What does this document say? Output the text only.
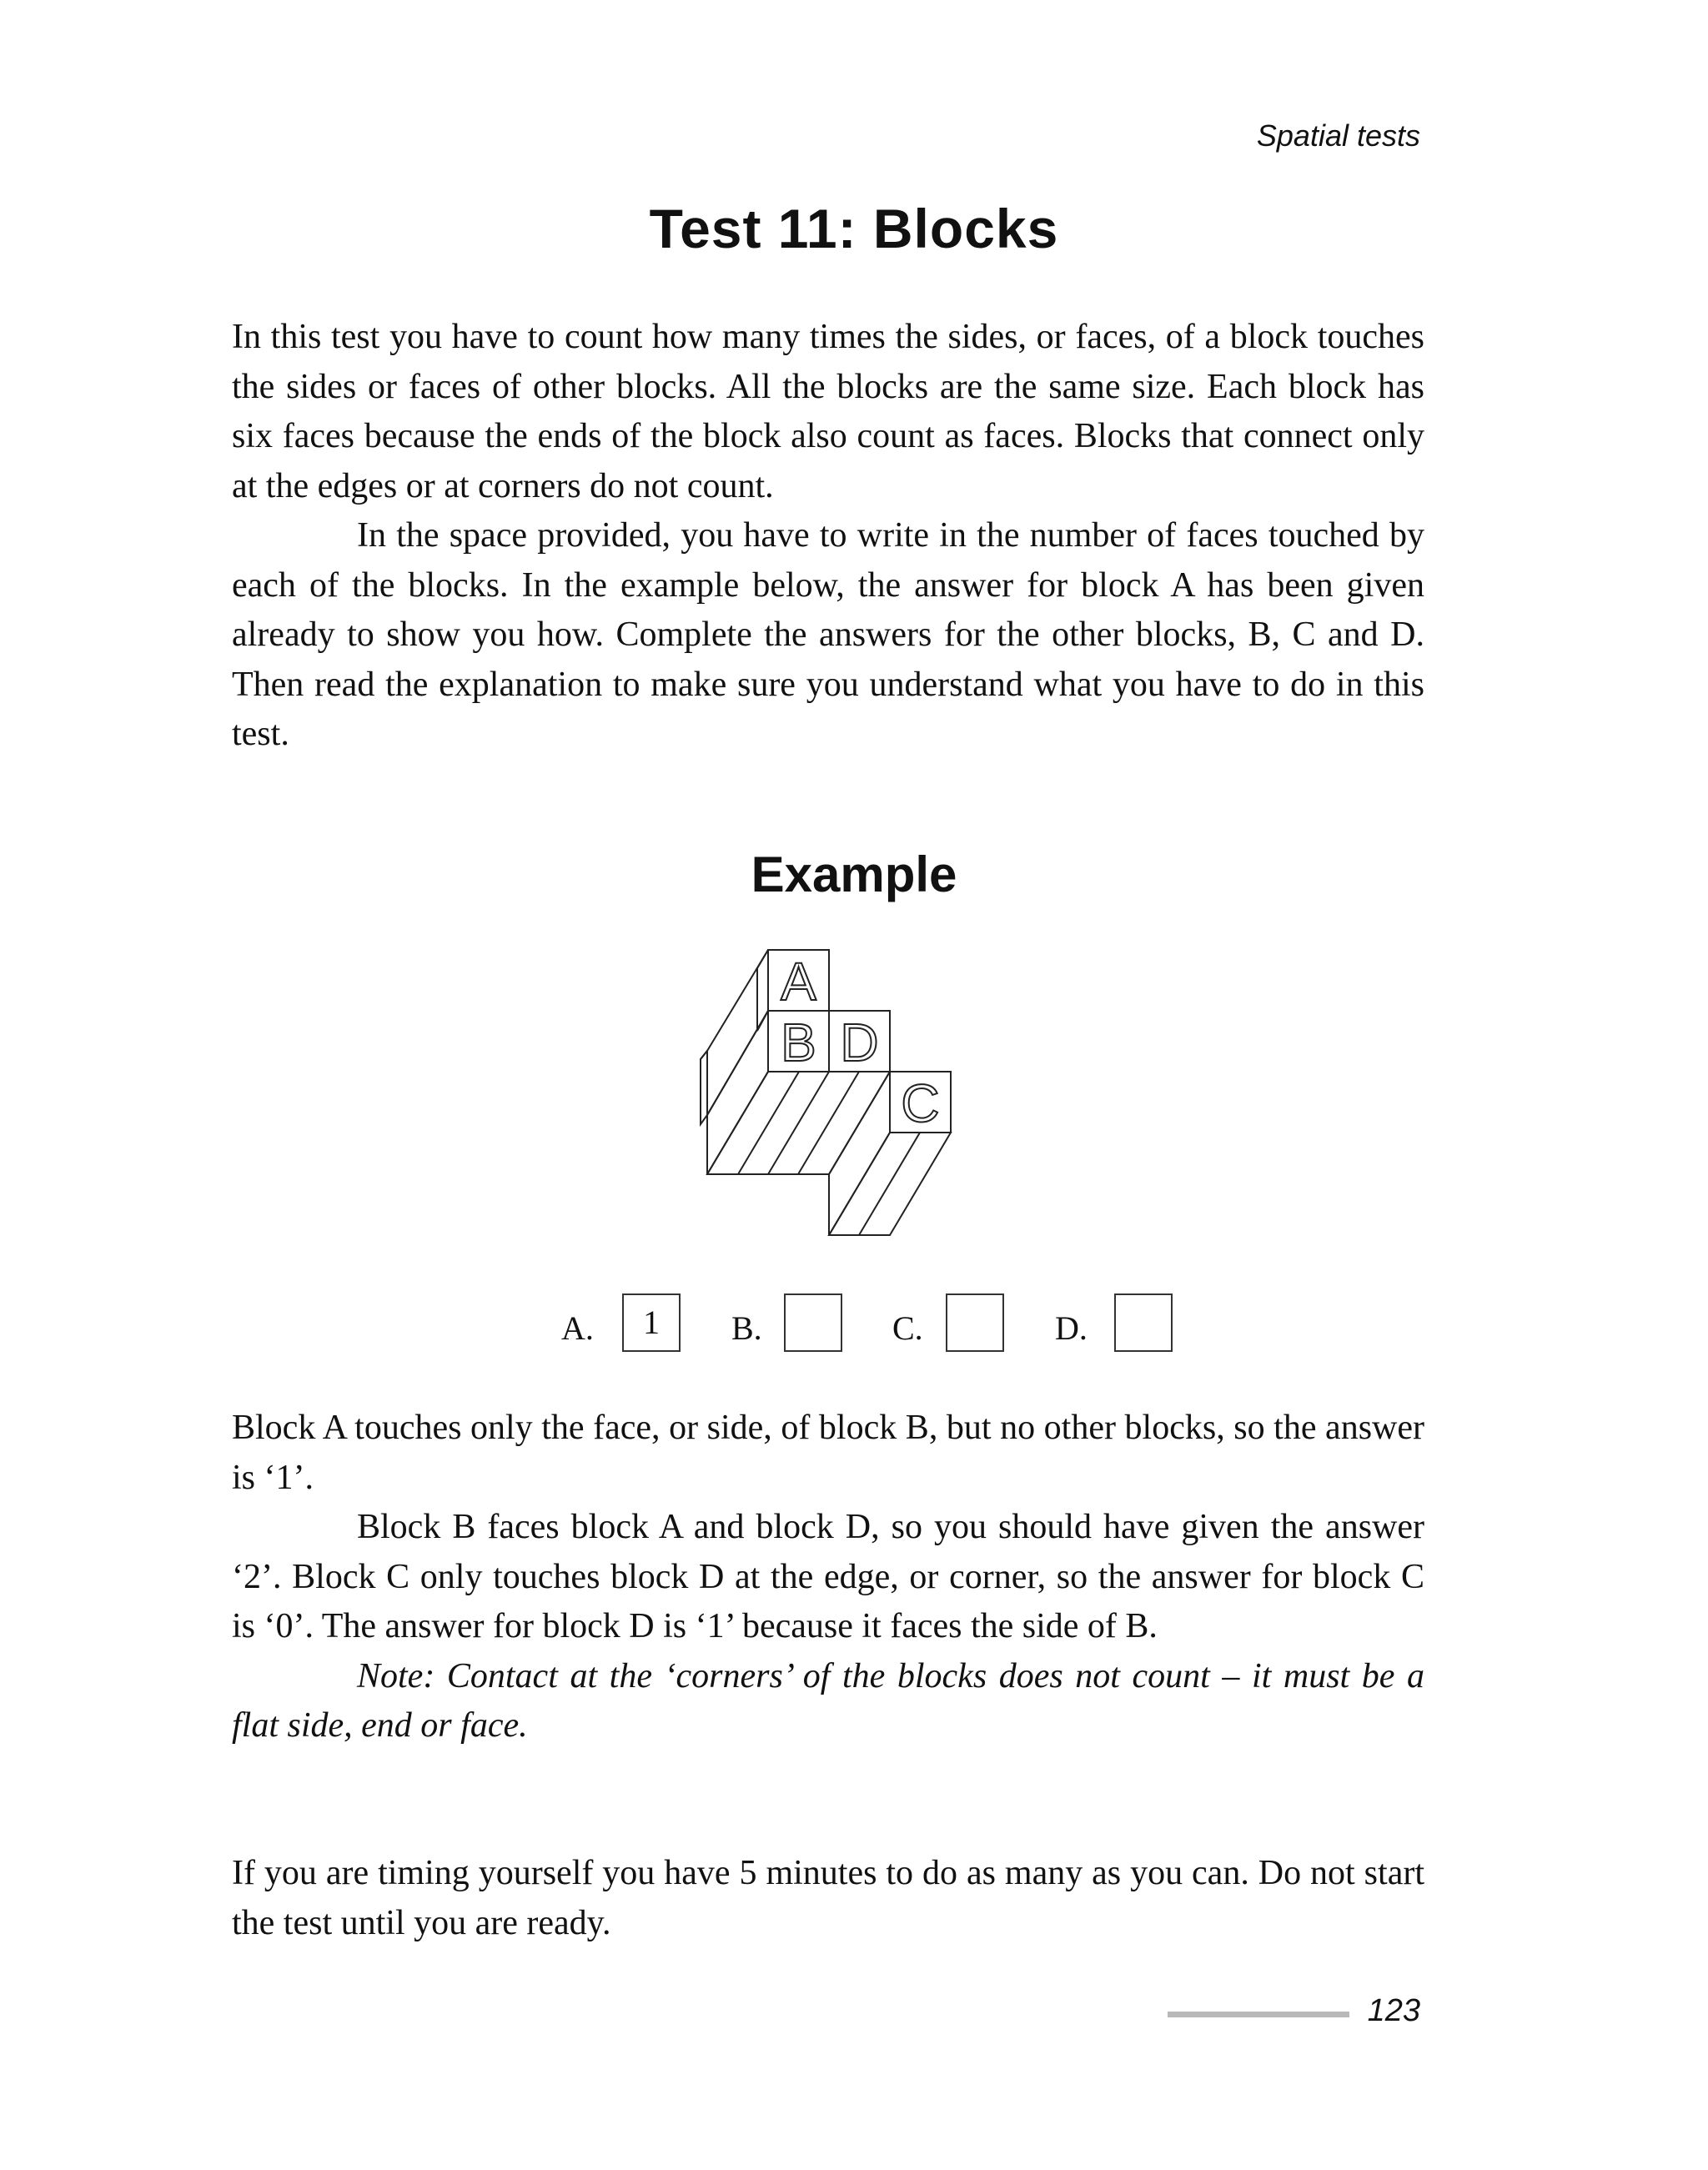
Spatial tests
Test 11: Blocks

In this test you have to count how many times the sides, or faces, of a block touches the sides or faces of other blocks. All the blocks are the same size. Each block has six faces because the ends of the block also count as faces. Blocks that connect only at the edges or at corners do not count.

In the space provided, you have to write in the number of faces touched by each of the blocks. In the example below, the answer for block A has been given already to show you how. Complete the answers for the other blocks, B, C and D. Then read the explanation to make sure you understand what you have to do in this test.

Example
A
B D
C
A.	1	B.	C.	D.

Block A touches only the face, or side, of block B, but no other blocks, so the answer is ‘1’.

Block B faces block A and block D, so you should have given the answer ‘2’. Block C only touches block D at the edge, or corner, so the answer for block C is ‘0’. The answer for block D is ‘1’ because it faces the side of B.

Note: Contact at the ‘corners’ of the blocks does not count – it must be a flat side, end or face.

If you are timing yourself you have 5 minutes to do as many as you can. Do not start the test until you are ready.

123
